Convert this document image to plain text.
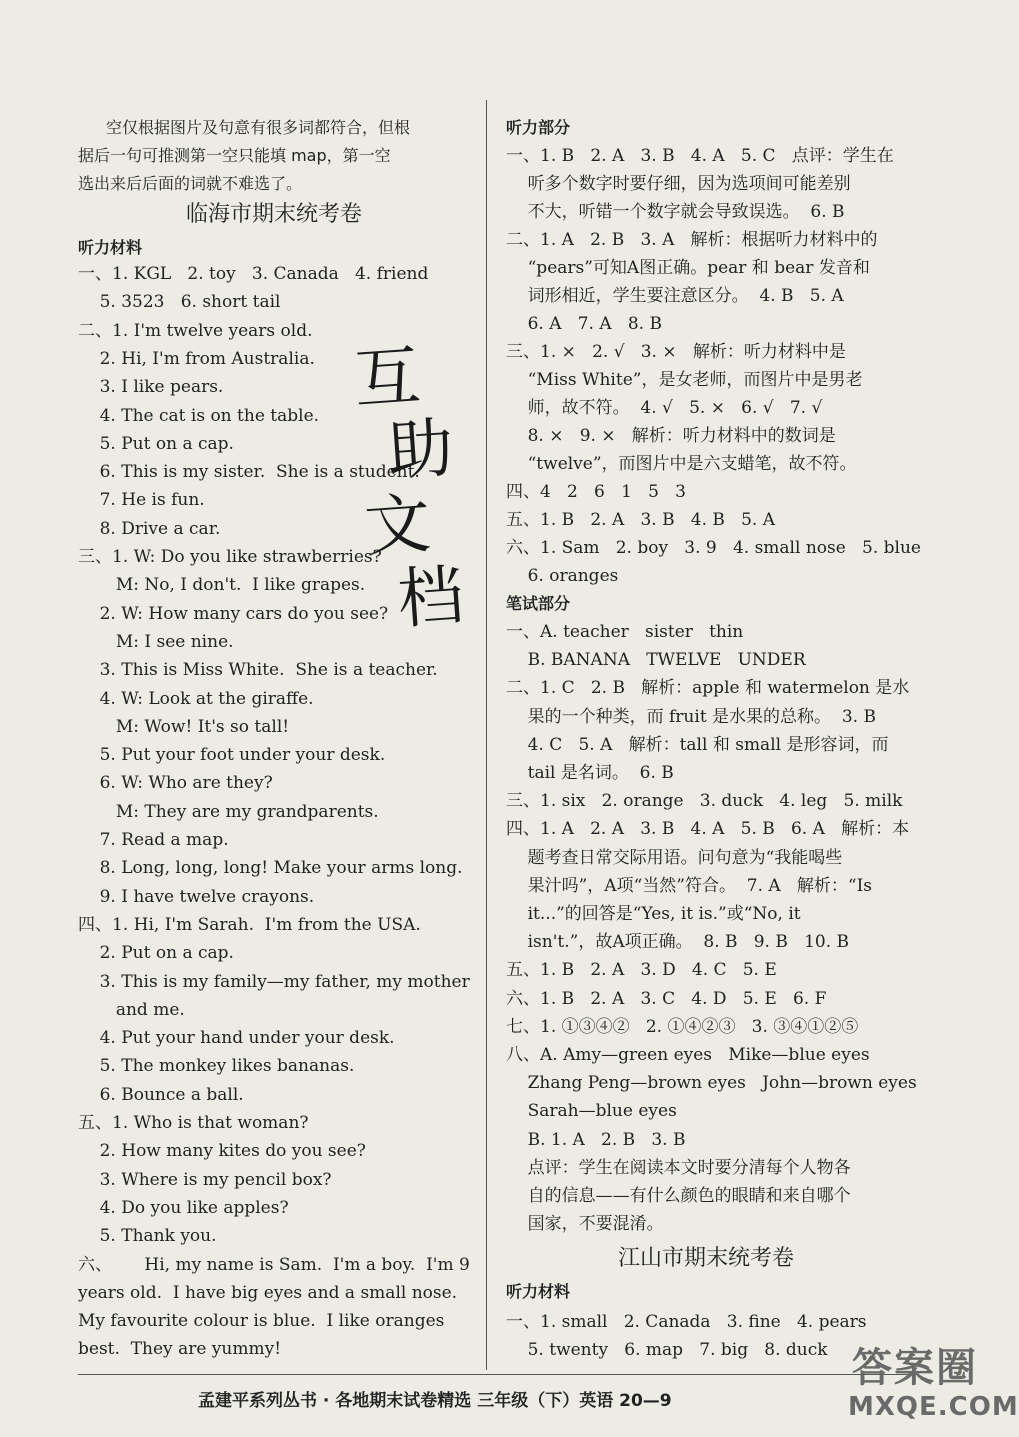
空仅根据图片及句意有很多词都符合，但根
据后一句可推测第一空只能填 map，第一空
选出来后后面的词就不难选了。
临海市期末统考卷
听力材料
一、1. KGL   2. toy   3. Canada   4. friend
5. 3523   6. short tail
二、1. I'm twelve years old.
2. Hi, I'm from Australia.
3. I like pears.
4. The cat is on the table.
5. Put on a cap.
6. This is my sister.  She is a student.
7. He is fun.
8. Drive a car.
三、1. W: Do you like strawberries?
M: No, I don't.  I like grapes.
2. W: How many cars do you see?
M: I see nine.
3. This is Miss White.  She is a teacher.
4. W: Look at the giraffe.
M: Wow! It's so tall!
5. Put your foot under your desk.
6. W: Who are they?
M: They are my grandparents.
7. Read a map.
8. Long, long, long! Make your arms long.
9. I have twelve crayons.
四、1. Hi, I'm Sarah.  I'm from the USA.
2. Put on a cap.
3. This is my family—my father, my mother
and me.
4. Put your hand under your desk.
5. The monkey likes bananas.
6. Bounce a ball.
五、1. Who is that woman?
2. How many kites do you see?
3. Where is my pencil box?
4. Do you like apples?
5. Thank you.
六、      Hi, my name is Sam.  I'm a boy.  I'm 9
years old.  I have big eyes and a small nose.
My favourite colour is blue.  I like oranges
best.  They are yummy!
听力部分
一、1. B   2. A   3. B   4. A   5. C   点评：学生在
听多个数字时要仔细，因为选项间可能差别
不大，听错一个数字就会导致误选。  6. B
二、1. A   2. B   3. A   解析：根据听力材料中的
“pears”可知A图正确。pear 和 bear 发音和
词形相近，学生要注意区分。  4. B   5. A
6. A   7. A   8. B
三、1. ×   2. √   3. ×   解析：听力材料中是
“Miss White”，是女老师，而图片中是男老
师，故不符。  4. √   5. ×   6. √   7. √
8. ×   9. ×   解析：听力材料中的数词是
“twelve”，而图片中是六支蜡笔，故不符。
四、4   2   6   1   5   3
五、1. B   2. A   3. B   4. B   5. A
六、1. Sam   2. boy   3. 9   4. small nose   5. blue
6. oranges
笔试部分
一、A. teacher   sister   thin
B. BANANA   TWELVE   UNDER
二、1. C   2. B   解析：apple 和 watermelon 是水
果的一个种类，而 fruit 是水果的总称。  3. B
4. C   5. A   解析：tall 和 small 是形容词，而
tail 是名词。  6. B
三、1. six   2. orange   3. duck   4. leg   5. milk
四、1. A   2. A   3. B   4. A   5. B   6. A   解析：本
题考查日常交际用语。问句意为“我能喝些
果汁吗”，A项“当然”符合。  7. A   解析：“Is
it...”的回答是“Yes, it is.”或“No, it
isn't.”，故A项正确。  8. B   9. B   10. B
五、1. B   2. A   3. D   4. C   5. E
六、1. B   2. A   3. C   4. D   5. E   6. F
七、1. ①③④②   2. ①④②③   3. ③④①②⑤
八、A. Amy—green eyes   Mike—blue eyes
Zhang Peng—brown eyes   John—brown eyes
Sarah—blue eyes
B. 1. A   2. B   3. B
点评：学生在阅读本文时要分清每个人物各
自的信息——有什么颜色的眼睛和来自哪个
国家，不要混淆。
江山市期末统考卷
听力材料
一、1. small   2. Canada   3. fine   4. pears
5. twenty   6. map   7. big   8. duck
互
助
文
档
孟建平系列丛书 · 各地期末试卷精选 三年级（下）英语 20—9
答案圈
MXQE.COM
